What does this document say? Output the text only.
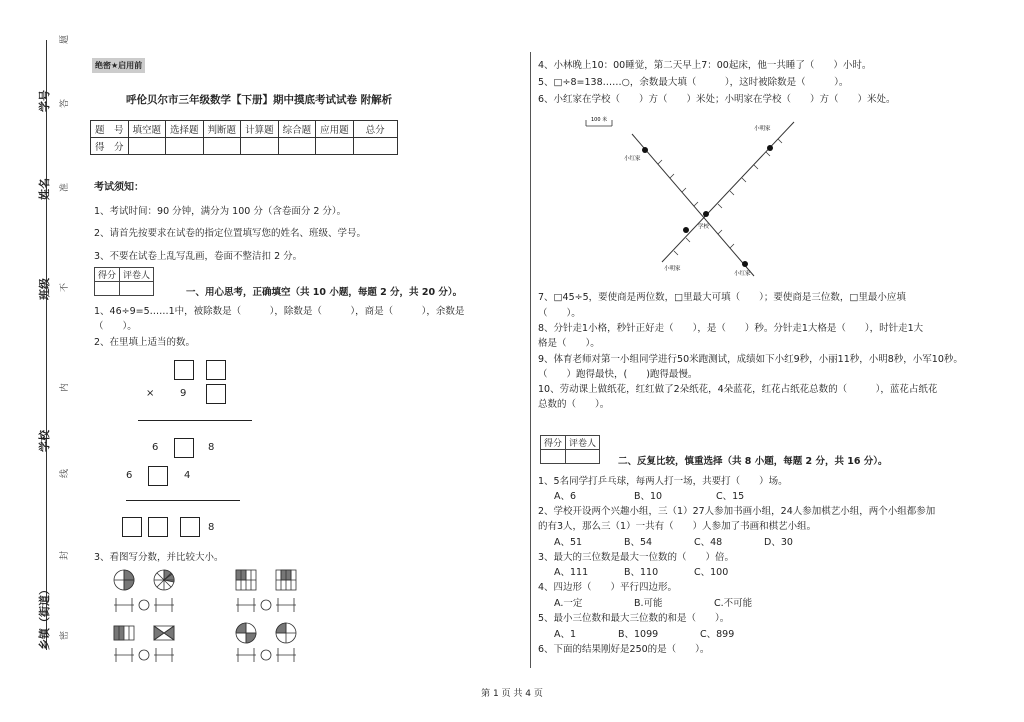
学号
姓名
班级
学校
乡镇（街道）
题
答
准
不
内
线
封
密
绝密★启用前
呼伦贝尔市三年级数学【下册】期中摸底考试试卷 附解析
题　号	填空题	选择题	判断题	计算题	综合题	应用题	总分
得　分							
考试须知：
1、考试时间：90 分钟，满分为 100 分（含卷面分 2 分）。
2、请首先按要求在试卷的指定位置填写您的姓名、班级、学号。
3、不要在试卷上乱写乱画，卷面不整洁扣 2 分。
得分	评卷人

一、用心思考，正确填空（共 10 小题，每题 2 分，共 20 分）。
1、46÷9=5……1中，被除数是（　　　），除数是（　　　），商是（　　　），余数是
（　　）。
2、在里填上适当的数。
×	9
6	8
6	4
8
3、看图写分数，并比较大小。
4、小林晚上10：00睡觉，第二天早上7：00起床，他一共睡了（　　）小时。
5、□÷8=138……○，余数最大填（　　　），这时被除数是（　　　）。
6、小红家在学校（　　）方（　　）米处；小明家在学校（　　）方（　　）米处。
100 米
小红家
小明家
学校
小明家
小红家
7、□45÷5，要使商是两位数，□里最大可填（　　）；要使商是三位数，□里最小应填
（　　）。
8、分针走1小格，秒针正好走（　　），是（　　）秒。分针走1大格是（　　），时针走1大
格是（　　）。
9、体育老师对第一小组同学进行50米跑测试，成绩如下小红9秒，小丽11秒，小明8秒，小军10秒。
（　　）跑得最快，(　　)跑得最慢。
10、劳动课上做纸花，红红做了2朵纸花，4朵蓝花，红花占纸花总数的（　　　），蓝花占纸花
总数的（　　）。
得分	评卷人

二、反复比较，慎重选择（共 8 小题，每题 2 分，共 16 分）。
1、5名同学打乒乓球，每两人打一场，共要打（　　）场。
A、6	B、10	C、15
2、学校开设两个兴趣小组，三（1）27人参加书画小组，24人参加棋艺小组，两个小组都参加
的有3人，那么三（1）一共有（　　）人参加了书画和棋艺小组。
A、51	B、54	C、48	D、30
3、最大的三位数是最大一位数的（　　）倍。
A、111	B、110	C、100
4、四边形（　　）平行四边形。
A.一定	B.可能	C.不可能
5、最小三位数和最大三位数的和是（　　）。
A、1	B、1099	C、899
6、下面的结果刚好是250的是（　　）。
第 1 页 共 4 页
